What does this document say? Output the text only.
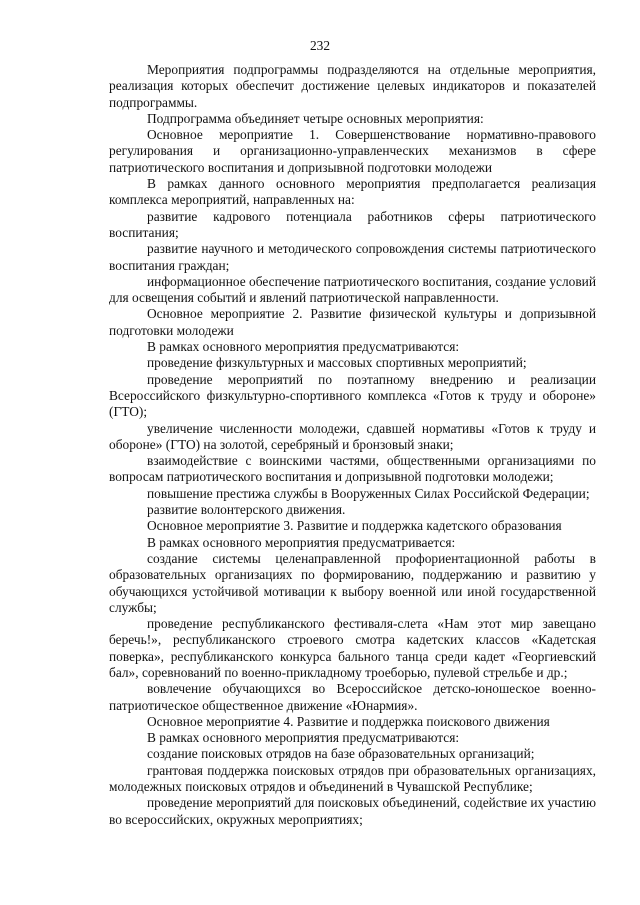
232

Мероприятия подпрограммы подразделяются на отдельные мероприятия, реализация которых обеспечит достижение целевых индикаторов и показателей подпрограммы.

Подпрограмма объединяет четыре основных мероприятия:

Основное мероприятие 1. Совершенствование нормативно-правового регулирования и организационно-управленческих механизмов в сфере патриотического воспитания и допризывной подготовки молодежи

В рамках данного основного мероприятия предполагается реализация комплекса мероприятий, направленных на:

развитие кадрового потенциала работников сферы патриотического воспитания;

развитие научного и методического сопровождения системы патриотического воспитания граждан;

информационное обеспечение патриотического воспитания, создание условий для освещения событий и явлений патриотической направленности.

Основное мероприятие 2. Развитие физической культуры и допризывной подготовки молодежи

В рамках основного мероприятия предусматриваются:

проведение физкультурных и массовых спортивных мероприятий;

проведение мероприятий по поэтапному внедрению и реализации Всероссийского физкультурно-спортивного комплекса «Готов к труду и обороне» (ГТО);

увеличение численности молодежи, сдавшей нормативы «Готов к труду и обороне» (ГТО) на золотой, серебряный и бронзовый знаки;

взаимодействие с воинскими частями, общественными организациями по вопросам патриотического воспитания и допризывной подготовки молодежи;

повышение престижа службы в Вооруженных Силах Российской Федерации;

развитие волонтерского движения.

Основное мероприятие 3. Развитие и поддержка кадетского образования

В рамках основного мероприятия предусматривается:

создание системы целенаправленной профориентационной работы в образовательных организациях по формированию, поддержанию и развитию у обучающихся устойчивой мотивации к выбору военной или иной государственной службы;

проведение республиканского фестиваля-слета «Нам этот мир завещано беречь!», республиканского строевого смотра кадетских классов «Кадетская поверка», республиканского конкурса бального танца среди кадет «Георгиевский бал», соревнований по военно-прикладному троеборью, пулевой стрельбе и др.;

вовлечение обучающихся во Всероссийское детско-юношеское военно-патриотическое общественное движение «Юнармия».

Основное мероприятие 4. Развитие и поддержка поискового движения

В рамках основного мероприятия предусматриваются:

создание поисковых отрядов на базе образовательных организаций;

грантовая поддержка поисковых отрядов при образовательных организациях, молодежных поисковых отрядов и объединений в Чувашской Республике;

проведение мероприятий для поисковых объединений, содействие их участию во всероссийских, окружных мероприятиях;
